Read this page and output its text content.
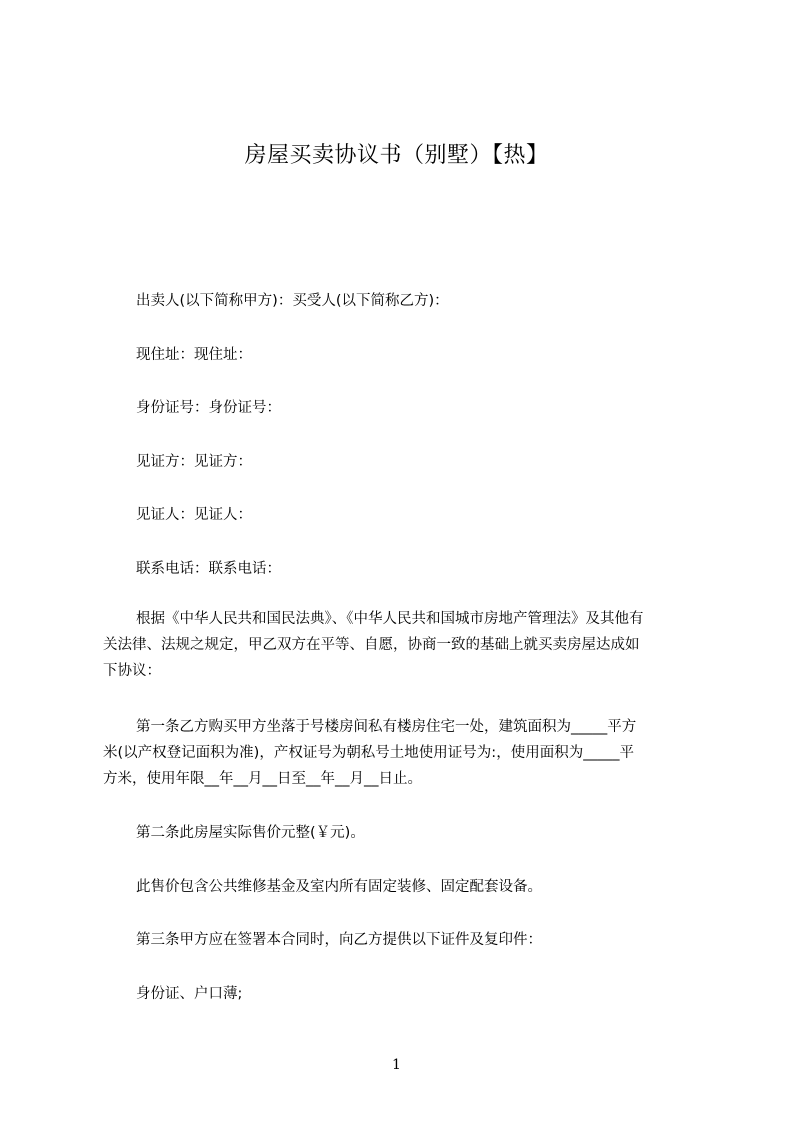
房屋买卖协议书（别墅）【热】
出卖人(以下简称甲方)：买受人(以下简称乙方)：
现住址：现住址：
身份证号：身份证号：
见证方：见证方：
见证人：见证人：
联系电话：联系电话：
根据《中华人民共和国民法典》、《中华人民共和国城市房地产管理法》及其他有
关法律、法规之规定，甲乙双方在平等、自愿，协商一致的基础上就买卖房屋达成如
下协议：
第一条乙方购买甲方坐落于号楼房间私有楼房住宅一处，建筑面积为_____平方
米(以产权登记面积为准)，产权证号为朝私号土地使用证号为:，使用面积为_____平
方米，使用年限__年__月__日至__年__月__日止。
第二条此房屋实际售价元整(￥元)。
此售价包含公共维修基金及室内所有固定装修、固定配套设备。
第三条甲方应在签署本合同时，向乙方提供以下证件及复印件：
身份证、户口薄;
1
